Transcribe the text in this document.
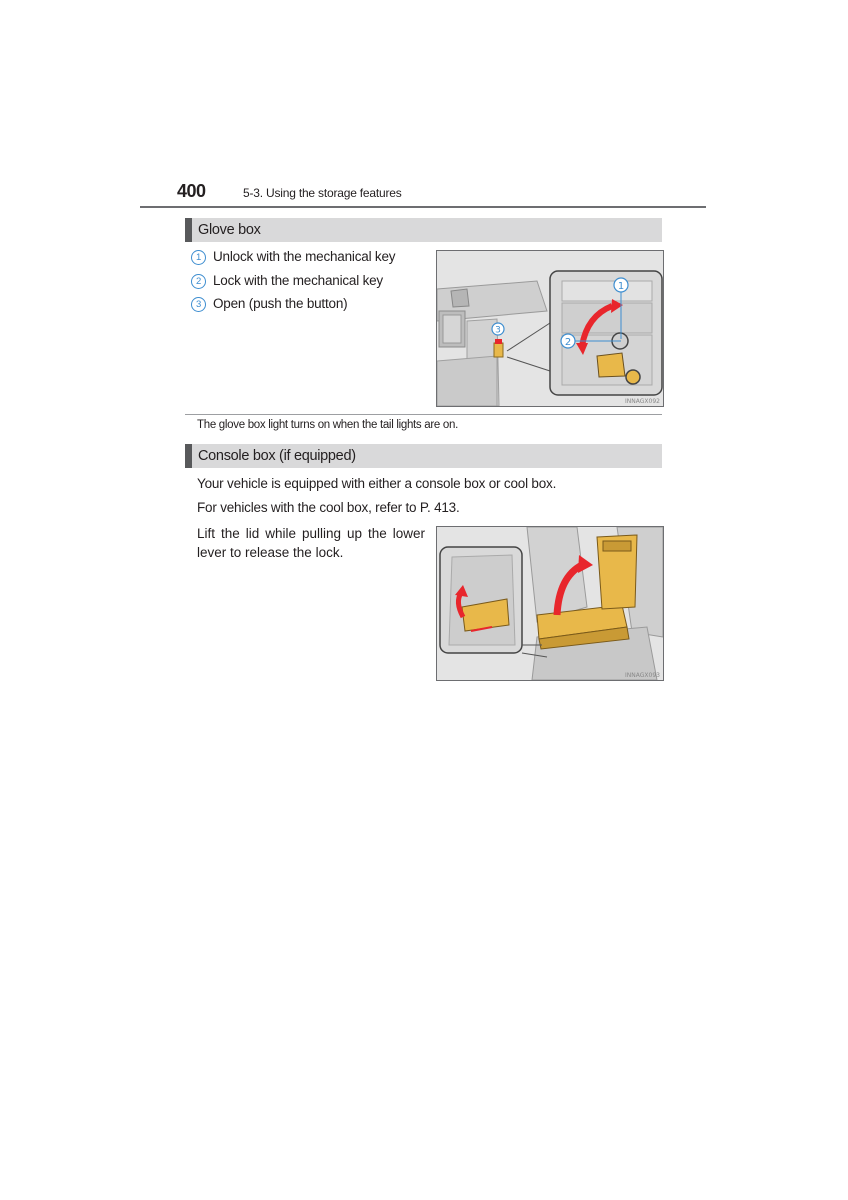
400	5-3. Using the storage features
Glove box
1 Unlock with the mechanical key
2 Lock with the mechanical key
3 Open (push the button)
3
1
2
INNAGX092
The glove box light turns on when the tail lights are on.
Console box (if equipped)
Your vehicle is equipped with either a console box or cool box.
For vehicles with the cool box, refer to P. 413.
Lift the lid while pulling up the lower lever to release the lock.
INNAGX093
